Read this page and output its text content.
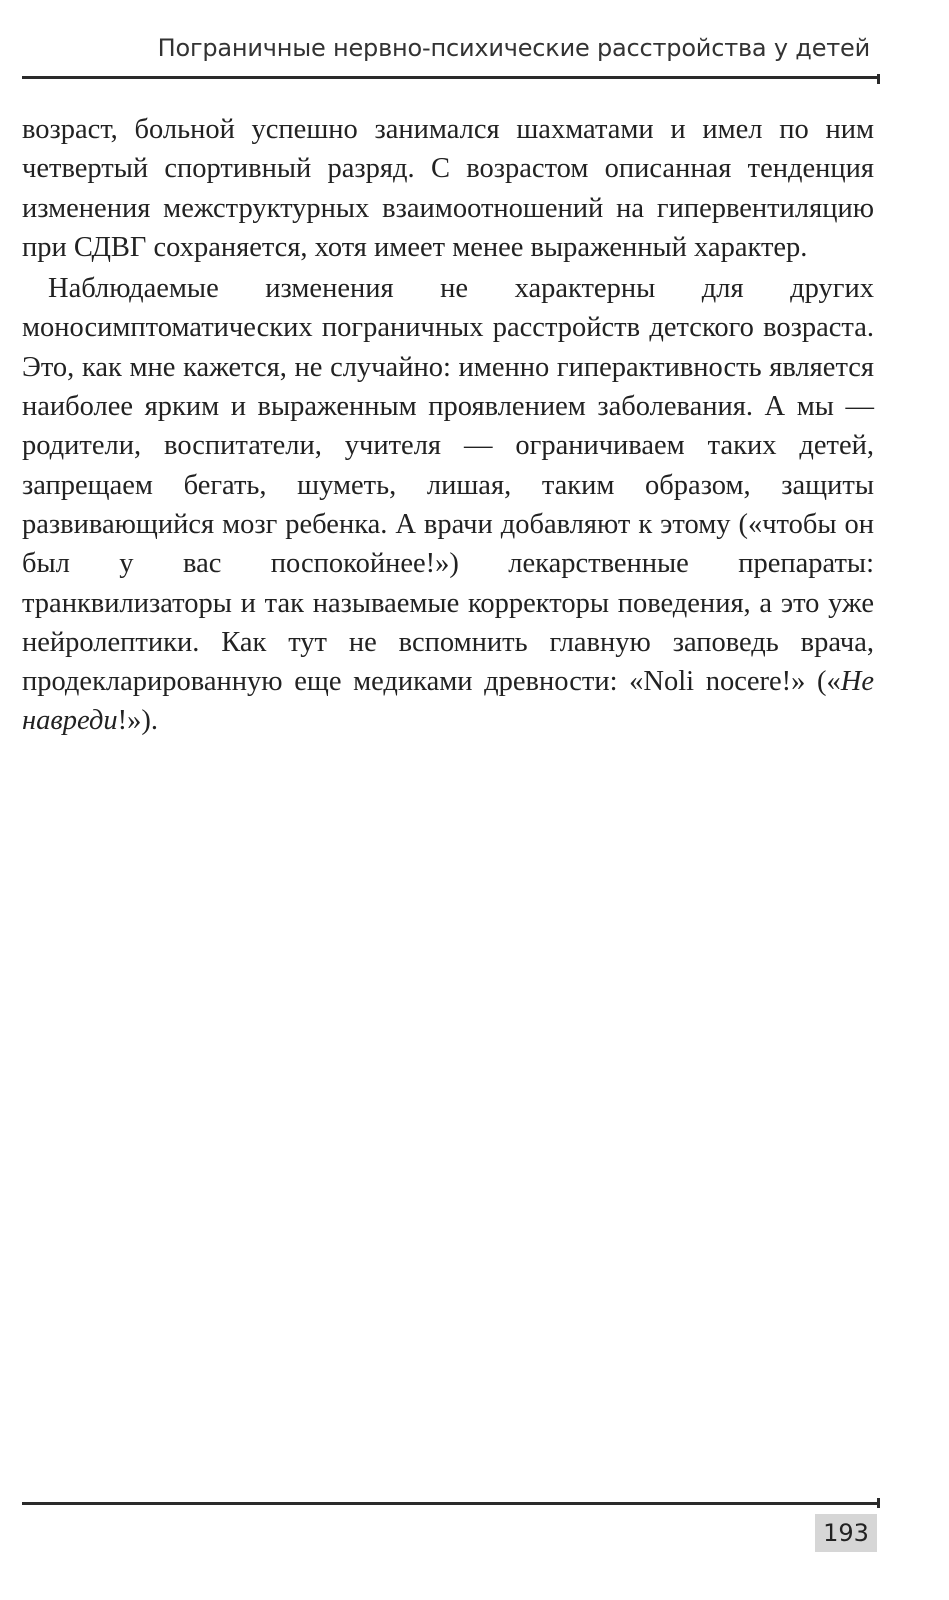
Пограничные нервно-психические расстройства у детей

возраст, больной успешно занимался шахматами и имел по ним четвертый спортивный разряд. С возрастом описанная тенденция изменения межструктурных взаимоотношений на гипервентиляцию при СДВГ сохраняется, хотя имеет менее выраженный характер.

Наблюдаемые изменения не характерны для других моносимптоматических пограничных расстройств детского возраста. Это, как мне кажется, не случайно: именно гиперактивность является наиболее ярким и выраженным проявлением заболевания. А мы — родители, воспитатели, учителя — ограничиваем таких детей, запрещаем бегать, шуметь, лишая, таким образом, защиты развивающийся мозг ребенка. А врачи добавляют к этому («чтобы он был у вас поспокойнее!») лекарственные препараты: транквилизаторы и так называемые корректоры поведения, а это уже нейролептики. Как тут не вспомнить главную заповедь врача, продекларированную еще медиками древности: «Noli nocere!» («Не навреди!»).

193
